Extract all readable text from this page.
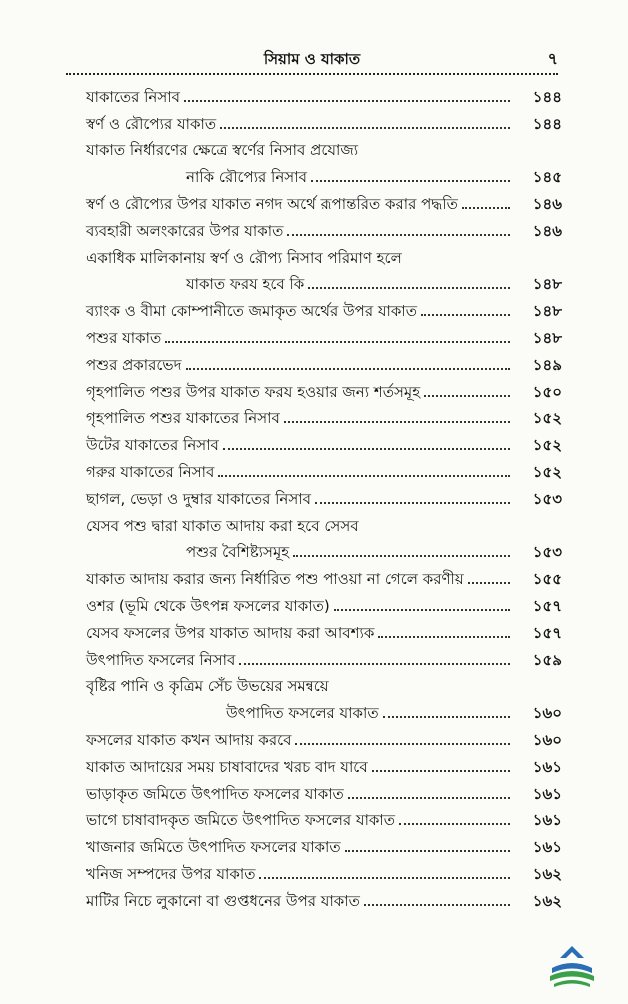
সিয়াম ও যাকাত	৭
যাকাতের নিসাব	১৪৪
স্বর্ণ ও রৌপ্যের যাকাত	১৪৪
যাকাত নির্ধারণের ক্ষেত্রে স্বর্ণের নিসাব প্রযোজ্য
নাকি রৌপ্যের নিসাব	১৪৫
স্বর্ণ ও রৌপ্যের উপর যাকাত নগদ অর্থে রূপান্তরিত করার পদ্ধতি	১৪৬
ব্যবহারী অলংকারের উপর যাকাত	১৪৬
একাধিক মালিকানায় স্বর্ণ ও রৌপ্য নিসাব পরিমাণ হলে
যাকাত ফরয হবে কি	১৪৮
ব্যাংক ও বীমা কোম্পানীতে জমাকৃত অর্থের উপর যাকাত	১৪৮
পশুর যাকাত	১৪৮
পশুর প্রকারভেদ	১৪৯
গৃহপালিত পশুর উপর যাকাত ফরয হওয়ার জন্য শর্তসমূহ	১৫০
গৃহপালিত পশুর যাকাতের নিসাব	১৫২
উটের যাকাতের নিসাব	১৫২
গরুর যাকাতের নিসাব	১৫২
ছাগল, ভেড়া ও দুম্বার যাকাতের নিসাব	১৫৩
যেসব পশু দ্বারা যাকাত আদায় করা হবে সেসব
পশুর বৈশিষ্ট্যসমূহ	১৫৩
যাকাত আদায় করার জন্য নির্ধারিত পশু পাওয়া না গেলে করণীয়	১৫৫
ওশর (ভূমি থেকে উৎপন্ন ফসলের যাকাত)	১৫৭
যেসব ফসলের উপর যাকাত আদায় করা আবশ্যক	১৫৭
উৎপাদিত ফসলের নিসাব	১৫৯
বৃষ্টির পানি ও কৃত্রিম সেঁচ উভয়ের সমন্বয়ে
উৎপাদিত ফসলের যাকাত	১৬০
ফসলের যাকাত কখন আদায় করবে	১৬০
যাকাত আদায়ের সময় চাষাবাদের খরচ বাদ যাবে	১৬১
ভাড়াকৃত জমিতে উৎপাদিত ফসলের যাকাত	১৬১
ভাগে চাষাবাদকৃত জমিতে উৎপাদিত ফসলের যাকাত	১৬১
খাজনার জমিতে উৎপাদিত ফসলের যাকাত	১৬১
খনিজ সম্পদের উপর যাকাত	১৬২
মাটির নিচে লুকানো বা গুপ্তধনের উপর যাকাত	১৬২
